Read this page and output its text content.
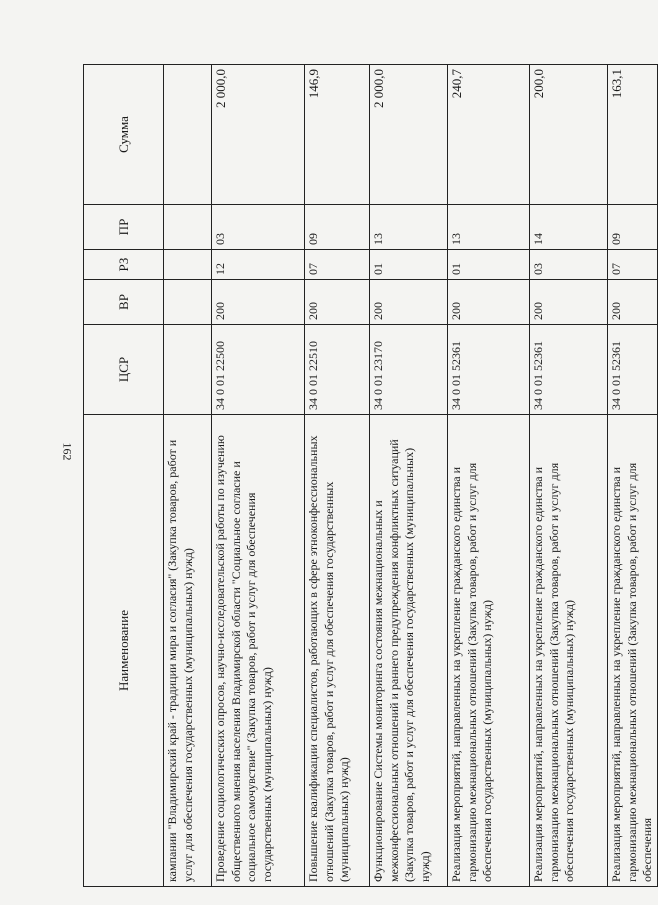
162
Наименование	ЦСР	ВР	РЗ	ПР	Сумма
кампании "Владимирский край - традиции мира и согласия" (Закупка товаров, работ и услуг для обеспечения государственных (муниципальных) нужд)					
Проведение социологических опросов, научно-исследовательской работы по изучению общественного мнения населения Владимирской области "Социальное согласие и социальное самочувствие" (Закупка товаров, работ и услуг для обеспечения государственных (муниципальных) нужд)	34 0 01 22500	200	12	03	2 000,0
Повышение квалификации специалистов, работающих в сфере этноконфессиональных отношений (Закупка товаров, работ и услуг для обеспечения государственных (муниципальных) нужд)	34 0 01 22510	200	07	09	146,9
Функционирование Системы мониторинга состояния межнациональных и межконфессиональных отношений и раннего предупреждения конфликтных ситуаций (Закупка товаров, работ и услуг для обеспечения государственных (муниципальных) нужд)	34 0 01 23170	200	01	13	2 000,0
Реализация мероприятий, направленных на укрепление гражданского единства и гармонизацию межнациональных отношений (Закупка товаров, работ и услуг для обеспечения государственных (муниципальных) нужд)	34 0 01 52361	200	01	13	240,7
Реализация мероприятий, направленных на укрепление гражданского единства и гармонизацию межнациональных отношений (Закупка товаров, работ и услуг для обеспечения государственных (муниципальных) нужд)	34 0 01 52361	200	03	14	200,0
Реализация мероприятий, направленных на укрепление гражданского единства и гармонизацию межнациональных отношений (Закупка товаров, работ и услуг для обеспечения	34 0 01 52361	200	07	09	163,1
